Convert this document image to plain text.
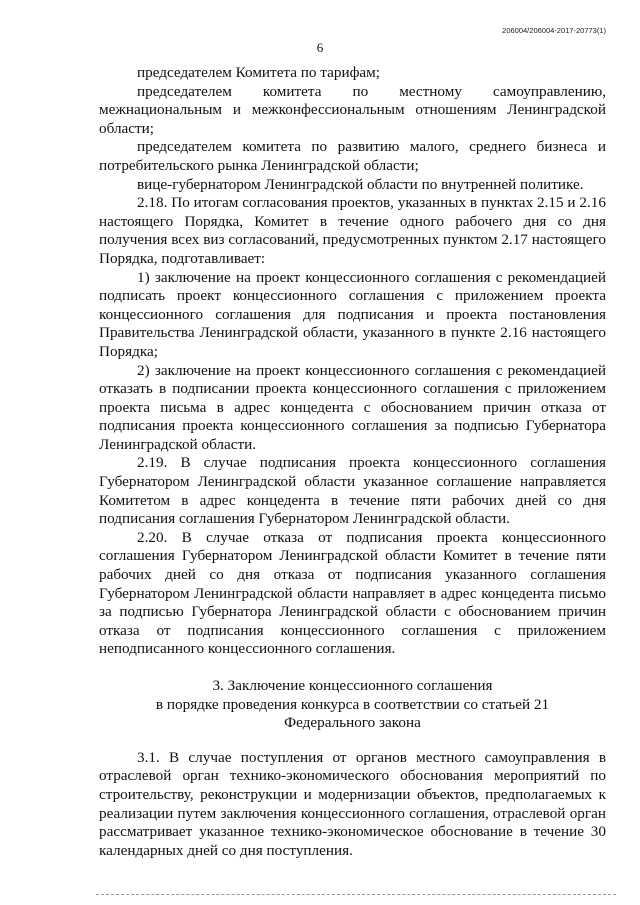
206004/206004-2017-20773(1)
6

председателем Комитета по тарифам;

председателем комитета по местному самоуправлению, межнациональным и межконфессиональным отношениям Ленинградской области;

председателем комитета по развитию малого, среднего бизнеса и потребительского рынка Ленинградской области;

вице-губернатором Ленинградской области по внутренней политике.

2.18. По итогам согласования проектов, указанных в пунктах 2.15 и 2.16 настоящего Порядка, Комитет в течение одного рабочего дня со дня получения всех виз согласований, предусмотренных пунктом 2.17 настоящего Порядка, подготавливает:

1) заключение на проект концессионного соглашения с рекомендацией подписать проект концессионного соглашения с приложением проекта концессионного соглашения для подписания и проекта постановления Правительства Ленинградской области, указанного в пункте 2.16 настоящего Порядка;

2) заключение на проект концессионного соглашения с рекомендацией отказать в подписании проекта концессионного соглашения с приложением проекта письма в адрес концедента с обоснованием причин отказа от подписания проекта концессионного соглашения за подписью Губернатора Ленинградской области.

2.19. В случае подписания проекта концессионного соглашения Губернатором Ленинградской области указанное соглашение направляется Комитетом в адрес концедента в течение пяти рабочих дней со дня подписания соглашения Губернатором Ленинградской области.

2.20. В случае отказа от подписания проекта концессионного соглашения Губернатором Ленинградской области Комитет в течение пяти рабочих дней со дня отказа от подписания указанного соглашения Губернатором Ленинградской области направляет в адрес концедента письмо за подписью Губернатора Ленинградской области с обоснованием причин отказа от подписания концессионного соглашения с приложением неподписанного концессионного соглашения.

3. Заключение концессионного соглашения
в порядке проведения конкурса в соответствии со статьей 21
Федерального закона

3.1. В случае поступления от органов местного самоуправления в отраслевой орган технико-экономического обоснования мероприятий по строительству, реконструкции и модернизации объектов, предполагаемых к реализации путем заключения концессионного соглашения, отраслевой орган рассматривает указанное технико-экономическое обоснование в течение 30 календарных дней со дня поступления.
